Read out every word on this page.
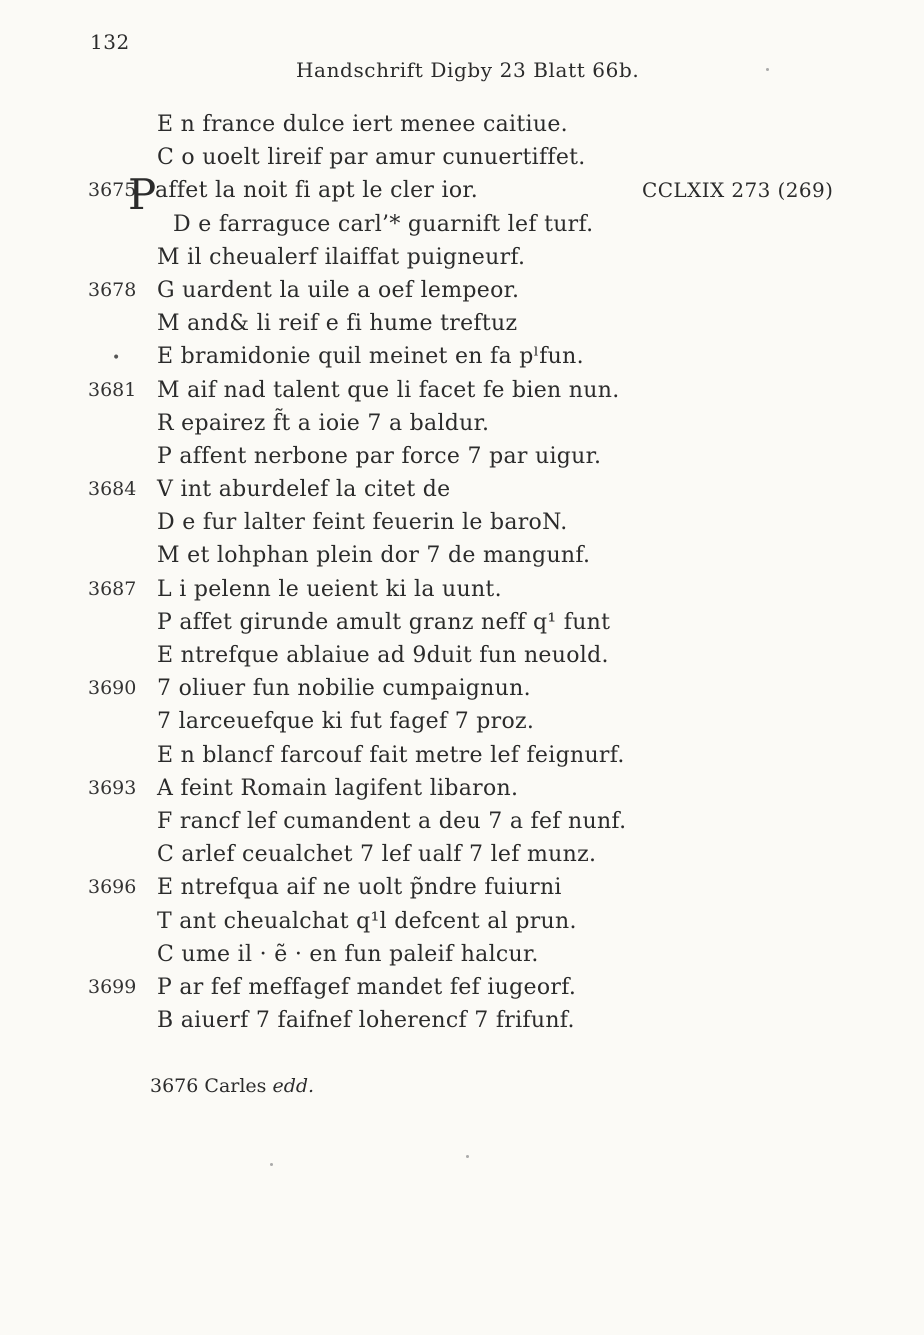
132
Handschrift Digby 23 Blatt 66b.
E n france dulce iert menee caitiue.
C o uoelt lireif par amur cunuertiffet.
3675
P
affet la noit fi apt le cler ior.	CCLXIX 273 (269)
D e farraguce carl’* guarnift lef turf.
M il cheualerf ilaiffat puigneurf.
3678 G uardent la uile a oef lempeor.
M and& li reif e fi hume treftuz
• E bramidonie quil meinet en fa pˡfun.
3681 M aif nad talent que li facet fe bien nun.
R epairez f̃t a ioie 7 a baldur.
P affent nerbone par force 7 par uigur.
3684 V int aburdelef la citet de
D e fur lalter feint feuerin le baroN.
M et lohphan plein dor 7 de mangunf.
3687 L i pelenn le ueient ki la uunt.
P affet girunde amult granz neff q¹ funt
E ntrefque ablaiue ad 9duit fun neuold.
3690 7 oliuer fun nobilie cumpaignun.
7 larceuefque ki fut fagef 7 proz.
E n blancf farcouf fait metre lef feignurf.
3693 A feint Romain lagifent libaron.
F rancf lef cumandent a deu 7 a fef nunf.
C arlef ceualchet 7 lef ualf 7 lef munz.
3696 E ntrefqua aif ne uolt p̃ndre fuiurni
T ant cheualchat q¹l defcent al prun.
C ume il · ẽ · en fun paleif halcur.
3699 P ar fef meffagef mandet fef iugeorf.
B aiuerf 7 faifnef loherencf 7 frifunf.
3676 Carles edd.
